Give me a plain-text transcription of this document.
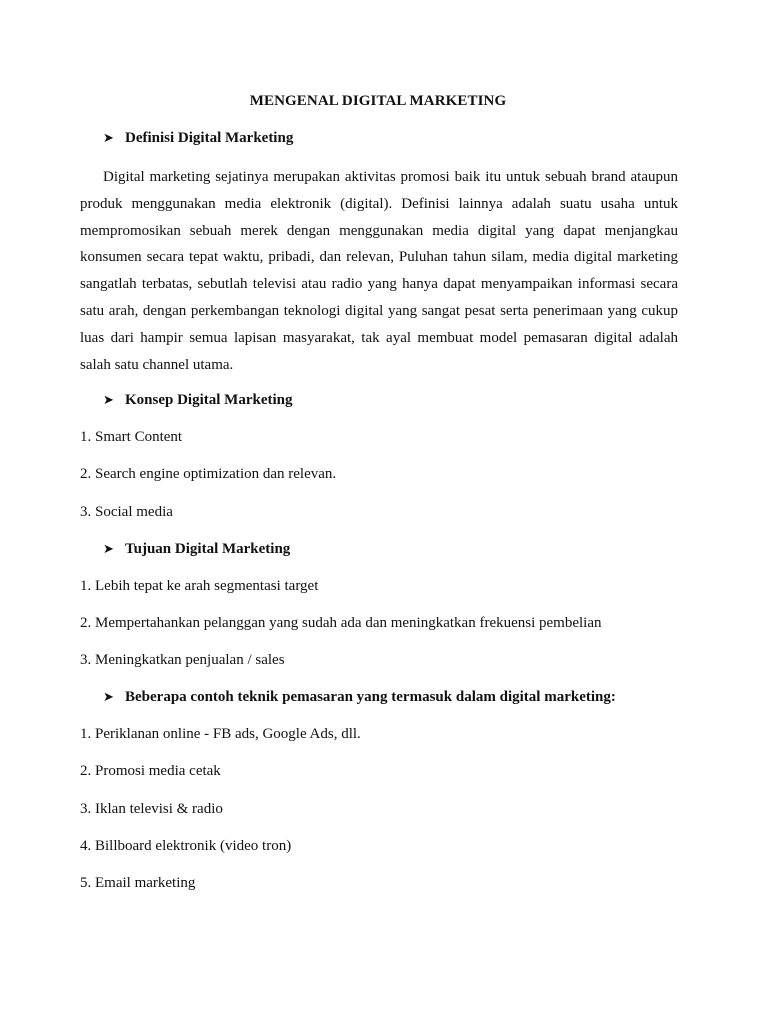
MENGENAL DIGITAL MARKETING
➤ Definisi Digital Marketing

Digital marketing sejatinya merupakan aktivitas promosi baik itu untuk sebuah brand ataupun produk menggunakan media elektronik (digital). Definisi lainnya adalah suatu usaha untuk mempromosikan sebuah merek dengan menggunakan media digital yang dapat menjangkau konsumen secara tepat waktu, pribadi, dan relevan, Puluhan tahun silam, media digital marketing sangatlah terbatas, sebutlah televisi atau radio yang hanya dapat menyampaikan informasi secara satu arah, dengan perkembangan teknologi digital yang sangat pesat serta penerimaan yang cukup luas dari hampir semua lapisan masyarakat, tak ayal membuat model pemasaran digital adalah salah satu channel utama.

➤ Konsep Digital Marketing
1. Smart Content
2. Search engine optimization dan relevan.
3. Social media
➤ Tujuan Digital Marketing
1. Lebih tepat ke arah segmentasi target
2. Mempertahankan pelanggan yang sudah ada dan meningkatkan frekuensi pembelian
3. Meningkatkan penjualan / sales
➤ Beberapa contoh teknik pemasaran yang termasuk dalam digital marketing:
1. Periklanan online - FB ads, Google Ads, dll.
2. Promosi media cetak
3. Iklan televisi & radio
4. Billboard elektronik (video tron)
5. Email marketing
